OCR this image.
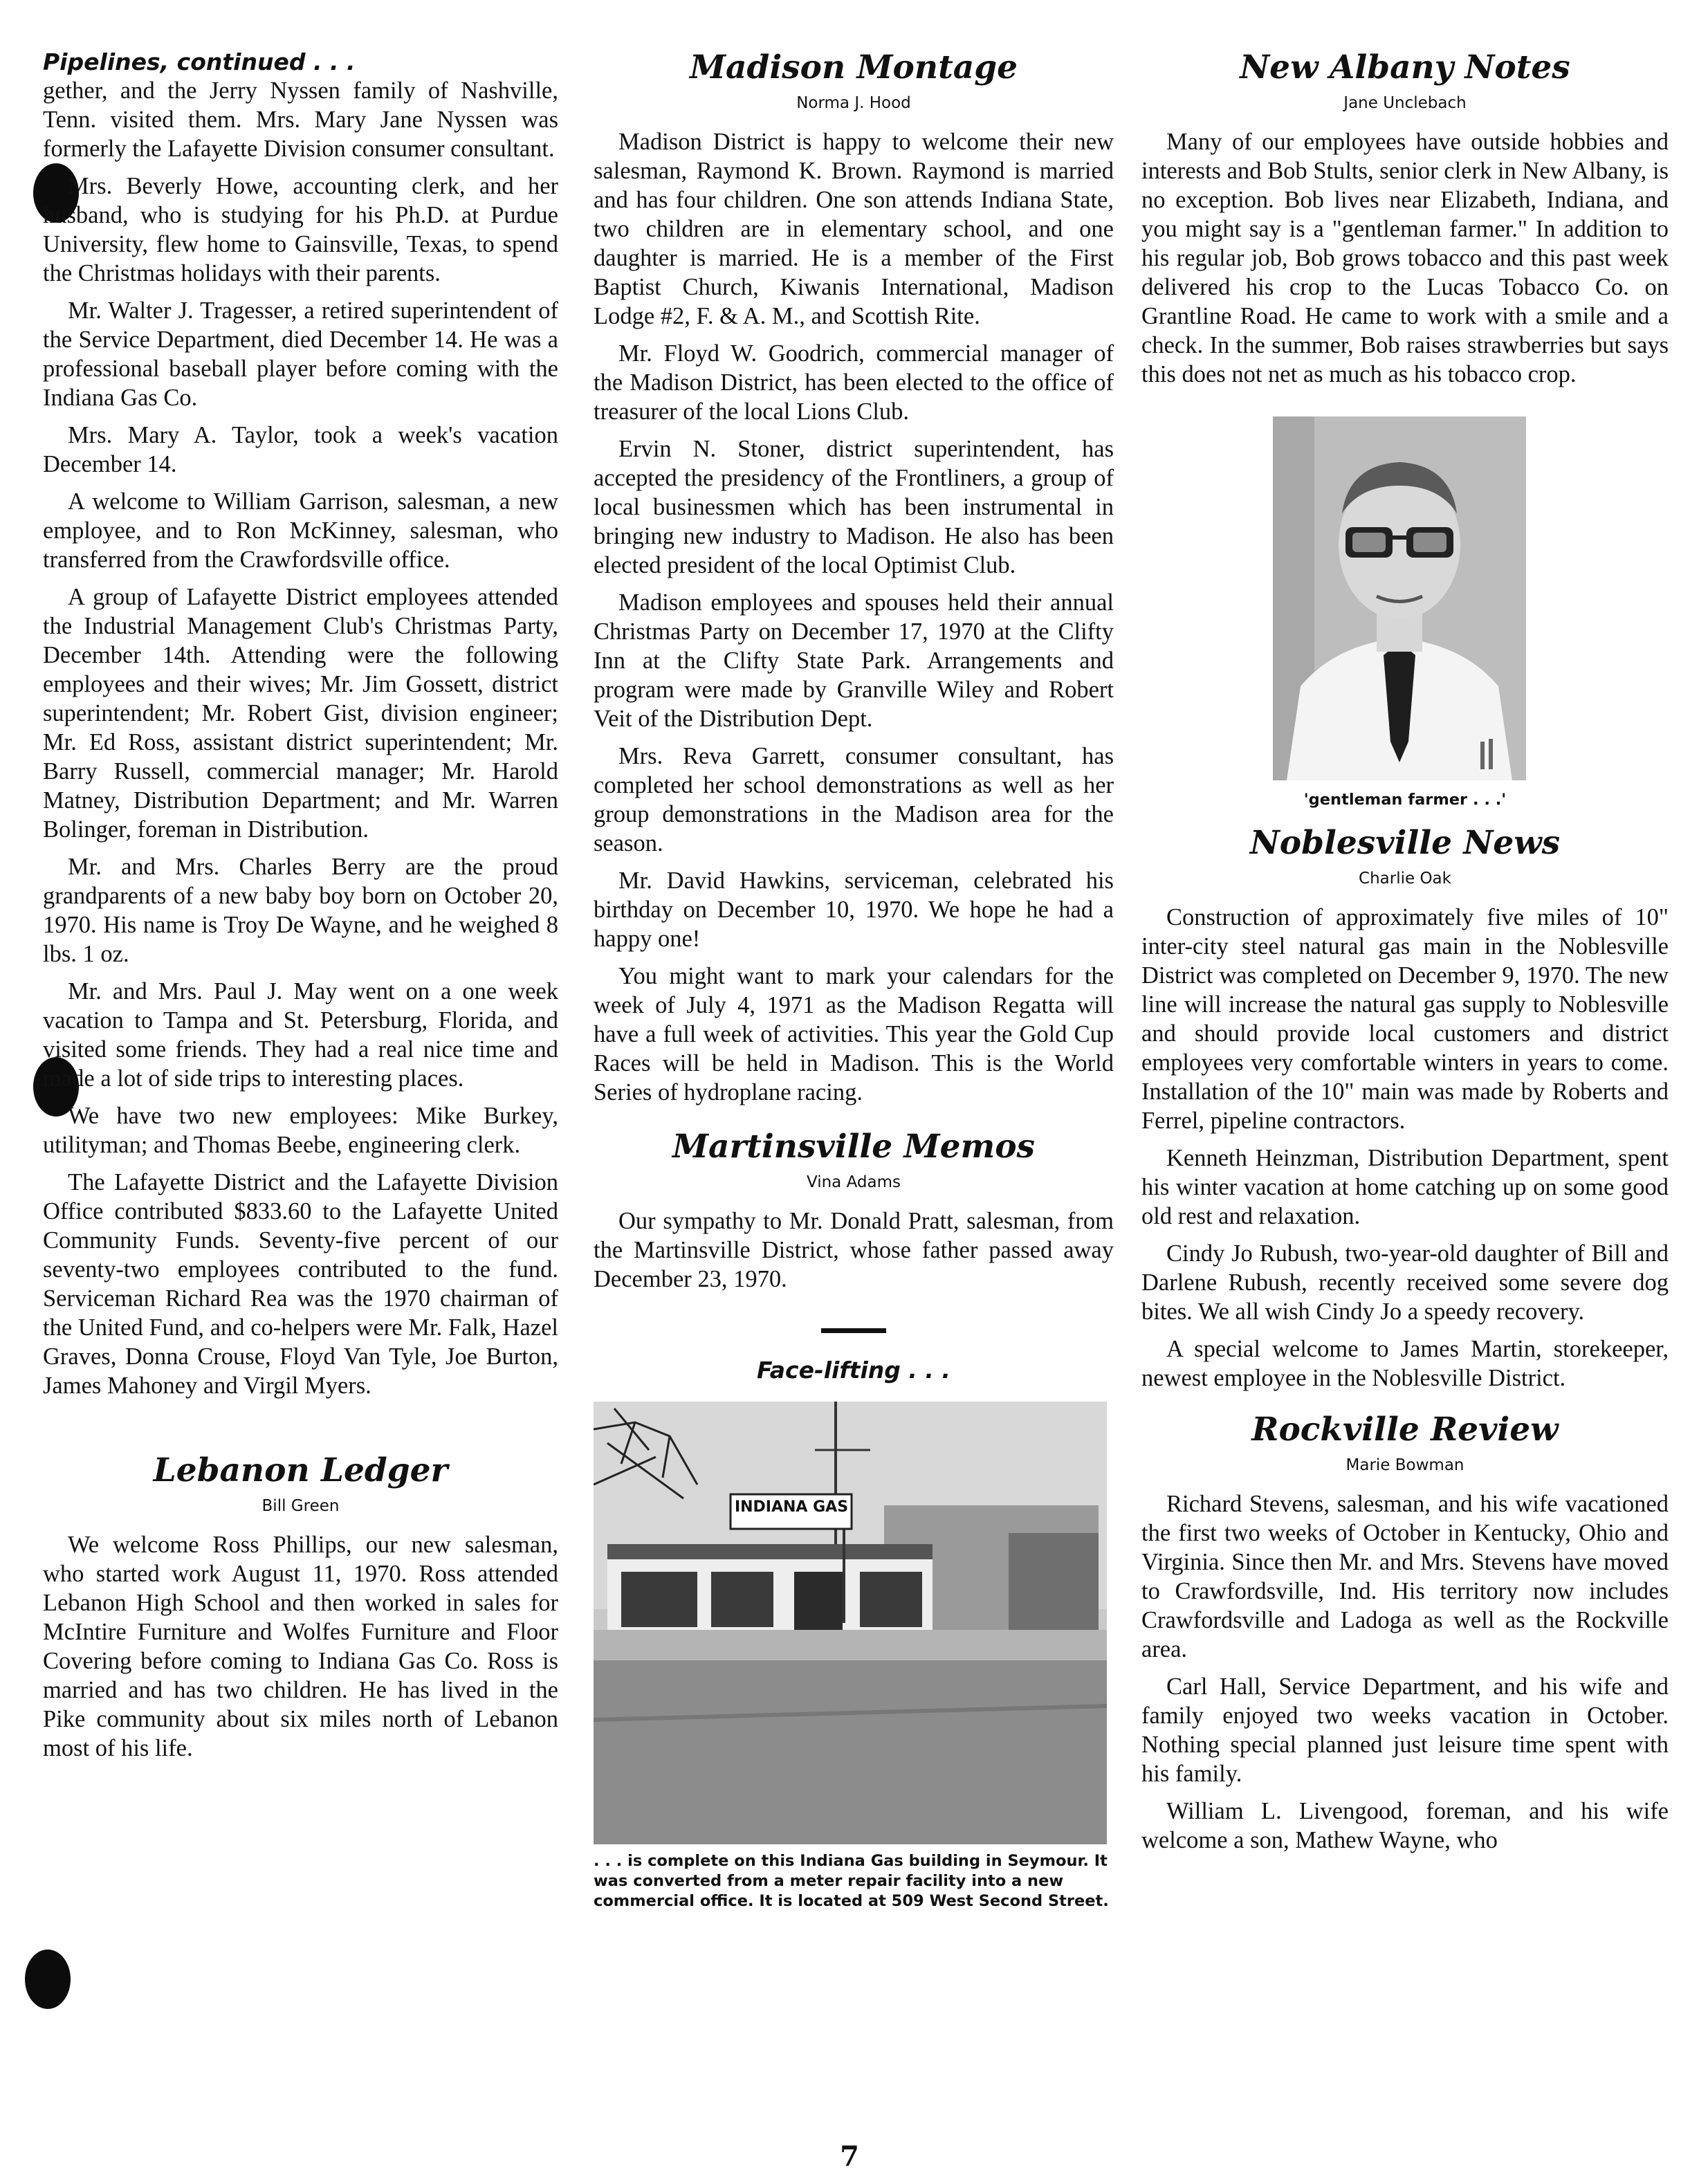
Pipelines, continued . . .

gether, and the Jerry Nyssen family of Nashville, Tenn. visited them. Mrs. Mary Jane Nyssen was formerly the Lafayette Division consumer consultant.

Mrs. Beverly Howe, accounting clerk, and her husband, who is studying for his Ph.D. at Purdue University, flew home to Gainsville, Texas, to spend the Christmas holidays with their parents.

Mr. Walter J. Tragesser, a retired superintendent of the Service Department, died December 14. He was a professional baseball player before coming with the Indiana Gas Co.

Mrs. Mary A. Taylor, took a week's vacation December 14.

A welcome to William Garrison, salesman, a new employee, and to Ron McKinney, salesman, who transferred from the Crawfordsville office.

A group of Lafayette District employees attended the Industrial Management Club's Christmas Party, December 14th. Attending were the following employees and their wives; Mr. Jim Gossett, district superintendent; Mr. Robert Gist, division engineer; Mr. Ed Ross, assistant district superintendent; Mr. Barry Russell, commercial manager; Mr. Harold Matney, Distribution Department; and Mr. Warren Bolinger, foreman in Distribution.

Mr. and Mrs. Charles Berry are the proud grandparents of a new baby boy born on October 20, 1970. His name is Troy De Wayne, and he weighed 8 lbs. 1 oz.

Mr. and Mrs. Paul J. May went on a one week vacation to Tampa and St. Petersburg, Florida, and visited some friends. They had a real nice time and made a lot of side trips to interesting places.

We have two new employees: Mike Burkey, utilityman; and Thomas Beebe, engineering clerk.

The Lafayette District and the Lafayette Division Office contributed $833.60 to the Lafayette United Community Funds. Seventy-five percent of our seventy-two employees contributed to the fund. Serviceman Richard Rea was the 1970 chairman of the United Fund, and co-helpers were Mr. Falk, Hazel Graves, Donna Crouse, Floyd Van Tyle, Joe Burton, James Mahoney and Virgil Myers.

Lebanon Ledger
Bill Green

We welcome Ross Phillips, our new salesman, who started work August 11, 1970. Ross attended Lebanon High School and then worked in sales for McIntire Furniture and Wolfes Furniture and Floor Covering before coming to Indiana Gas Co. Ross is married and has two children. He has lived in the Pike community about six miles north of Lebanon most of his life.

Madison Montage
Norma J. Hood

Madison District is happy to welcome their new salesman, Raymond K. Brown. Raymond is married and has four children. One son attends Indiana State, two children are in elementary school, and one daughter is married. He is a member of the First Baptist Church, Kiwanis International, Madison Lodge #2, F. & A. M., and Scottish Rite.

Mr. Floyd W. Goodrich, commercial manager of the Madison District, has been elected to the office of treasurer of the local Lions Club.

Ervin N. Stoner, district superintendent, has accepted the presidency of the Frontliners, a group of local businessmen which has been instrumental in bringing new industry to Madison. He also has been elected president of the local Optimist Club.

Madison employees and spouses held their annual Christmas Party on December 17, 1970 at the Clifty Inn at the Clifty State Park. Arrangements and program were made by Granville Wiley and Robert Veit of the Distribution Dept.

Mrs. Reva Garrett, consumer consultant, has completed her school demonstrations as well as her group demonstrations in the Madison area for the season.

Mr. David Hawkins, serviceman, celebrated his birthday on December 10, 1970. We hope he had a happy one!

You might want to mark your calendars for the week of July 4, 1971 as the Madison Regatta will have a full week of activities. This year the Gold Cup Races will be held in Madison. This is the World Series of hydroplane racing.

Martinsville Memos
Vina Adams

Our sympathy to Mr. Donald Pratt, salesman, from the Martinsville District, whose father passed away December 23, 1970.

Face-lifting . . .
INDIANA GAS

. . . is complete on this Indiana Gas building in Seymour. It was converted from a meter repair facility into a new commercial office. It is located at 509 West Second Street.

New Albany Notes
Jane Unclebach

Many of our employees have outside hobbies and interests and Bob Stults, senior clerk in New Albany, is no exception. Bob lives near Elizabeth, Indiana, and you might say is a "gentleman farmer." In addition to his regular job, Bob grows tobacco and this past week delivered his crop to the Lucas Tobacco Co. on Grantline Road. He came to work with a smile and a check. In the summer, Bob raises strawberries but says this does not net as much as his tobacco crop.

'gentleman farmer . . .'

Noblesville News
Charlie Oak

Construction of approximately five miles of 10" inter-city steel natural gas main in the Noblesville District was completed on December 9, 1970. The new line will increase the natural gas supply to Noblesville and should provide local customers and district employees very comfortable winters in years to come. Installation of the 10" main was made by Roberts and Ferrel, pipeline contractors.

Kenneth Heinzman, Distribution Department, spent his winter vacation at home catching up on some good old rest and relaxation.

Cindy Jo Rubush, two-year-old daughter of Bill and Darlene Rubush, recently received some severe dog bites. We all wish Cindy Jo a speedy recovery.

A special welcome to James Martin, storekeeper, newest employee in the Noblesville District.

Rockville Review
Marie Bowman

Richard Stevens, salesman, and his wife vacationed the first two weeks of October in Kentucky, Ohio and Virginia. Since then Mr. and Mrs. Stevens have moved to Crawfordsville, Ind. His territory now includes Crawfordsville and Ladoga as well as the Rockville area.

Carl Hall, Service Department, and his wife and family enjoyed two weeks vacation in October. Nothing special planned just leisure time spent with his family.

William L. Livengood, foreman, and his wife welcome a son, Mathew Wayne, who

7
